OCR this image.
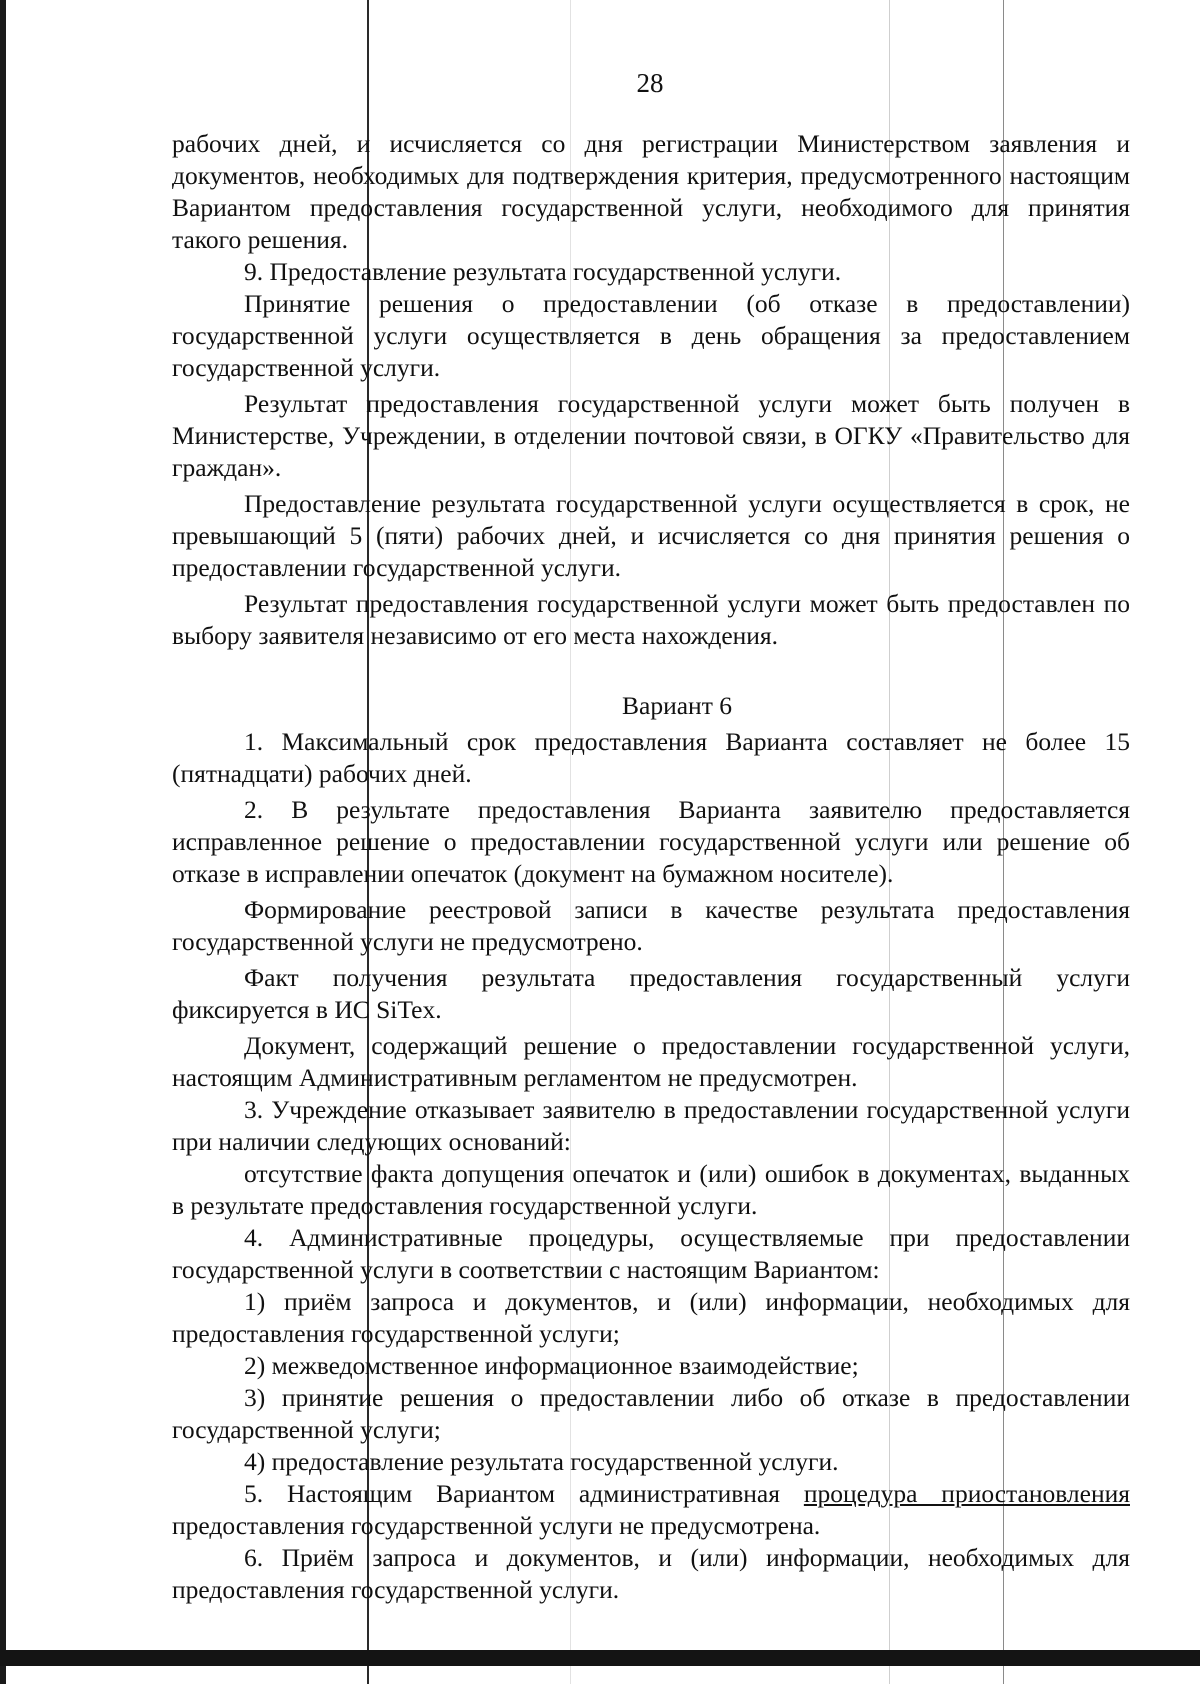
28

рабочих дней, и исчисляется со дня регистрации Министерством заявления и документов, необходимых для подтверждения критерия, предусмотренного настоящим Вариантом предоставления государственной услуги, необходимого для принятия такого решения.

9. Предоставление результата государственной услуги.

Принятие решения о предоставлении (об отказе в предоставлении) государственной услуги осуществляется в день обращения за предоставлением государственной услуги.

Результат предоставления государственной услуги может быть получен в Министерстве, Учреждении, в отделении почтовой связи, в ОГКУ «Правительство для граждан».

Предоставление результата государственной услуги осуществляется в срок, не превышающий 5 (пяти) рабочих дней, и исчисляется со дня принятия решения о предоставлении государственной услуги.

Результат предоставления государственной услуги может быть предоставлен по выбору заявителя независимо от его места нахождения.

Вариант 6

1. Максимальный срок предоставления Варианта составляет не более 15 (пятнадцати) рабочих дней.

2. В результате предоставления Варианта заявителю предоставляется исправленное решение о предоставлении государственной услуги или решение об отказе в исправлении опечаток (документ на бумажном носителе).

Формирование реестровой записи в качестве результата предоставления государственной услуги не предусмотрено.

Факт получения результата предоставления государственный услуги фиксируется в ИС SiTex.

Документ, содержащий решение о предоставлении государственной услуги, настоящим Административным регламентом не предусмотрен.

3. Учреждение отказывает заявителю в предоставлении государственной услуги при наличии следующих оснований:

отсутствие факта допущения опечаток и (или) ошибок в документах, выданных в результате предоставления государственной услуги.

4. Административные процедуры, осуществляемые при предоставлении государственной услуги в соответствии с настоящим Вариантом:

1) приём запроса и документов, и (или) информации, необходимых для предоставления государственной услуги;

2) межведомственное информационное взаимодействие;

3) принятие решения о предоставлении либо об отказе в предоставлении государственной услуги;

4) предоставление результата государственной услуги.

5. Настоящим Вариантом административная процедура приостановления предоставления государственной услуги не предусмотрена.

6. Приём запроса и документов, и (или) информации, необходимых для предоставления государственной услуги.
